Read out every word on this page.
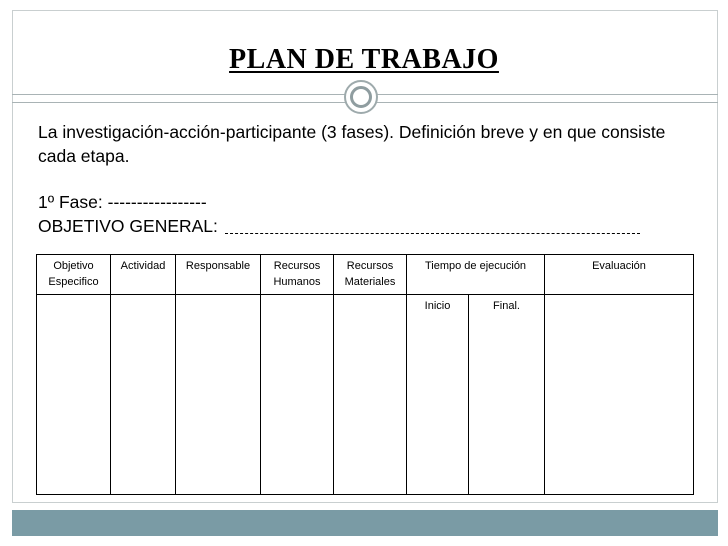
PLAN DE TRABAJO
La investigación-acción-participante (3 fases). Definición breve y en que consiste cada etapa.
1º Fase: -----------------
OBJETIVO GENERAL:
Objetivo Especifico	Actividad	Responsable	Recursos Humanos	Recursos Materiales	Tiempo de ejecución		Evaluación
					Inicio	Final.	
